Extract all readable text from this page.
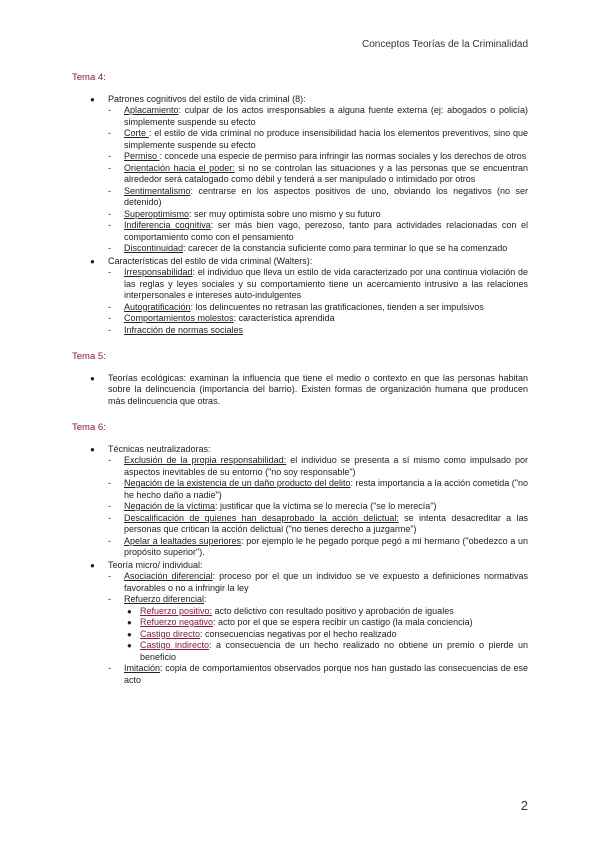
Conceptos Teorías de la Criminalidad
Tema 4:
● Patrones cognitivos del estilo de vida criminal (8):
- Aplacamiento: culpar de los actos irresponsables a alguna fuente externa (ej: abogados o policía) simplemente suspende su efecto
- Corte : el estilo de vida criminal no produce insensibilidad hacia los elementos preventivos, sino que simplemente suspende su efecto
- Permiso : concede una especie de permiso para infringir las normas sociales y los derechos de otros
- Orientación hacia el poder: si no se controlan las situaciones y a las personas que se encuentran alrededor será catalogado como débil y tenderá a ser manipulado o intimidado por otros
- Sentimentalismo: centrarse en los aspectos positivos de uno, obviando los negativos (no ser detenido)
- Superoptimismo: ser muy optimista sobre uno mismo y su futuro
- Indiferencia cognitiva: ser más bien vago, perezoso, tanto para actividades relacionadas con el comportamiento como con el pensamiento
- Discontinuidad: carecer de la constancia suficiente como para terminar lo que se ha comenzado
● Características del estilo de vida criminal (Walters):
- Irresponsabilidad: el individuo que lleva un estilo de vida caracterizado por una continua violación de las reglas y leyes sociales y su comportamiento tiene un acercamiento intrusivo a las relaciones interpersonales e intereses auto-indulgentes
- Autogratificación: los delincuentes no retrasan las gratificaciones, tienden a ser impulsivos
- Comportamientos molestos: característica aprendida
- Infracción de normas sociales
Tema 5:
● Teorías ecológicas: examinan la influencia que tiene el medio o contexto en que las personas habitan sobre la delincuencia (importancia del barrio). Existen formas de organización humana que producen más delincuencia que otras.
Tema 6:
● Técnicas neutralizadoras:
- Exclusión de la propia responsabilidad: el individuo se presenta a sí mismo como impulsado por aspectos inevitables de su entorno ("no soy responsable")
- Negación de la existencia de un daño producto del delito: resta importancia a la acción cometida ("no he hecho daño a nadie")
- Negación de la víctima: justificar que la víctima se lo merecía ("se lo merecía")
- Descalificación de quienes han desaprobado la acción delictual: se intenta desacreditar a las personas que critican la acción delictual ("no tienes derecho a juzgarme")
- Apelar a lealtades superiores: por ejemplo le he pegado porque pegó a mi hermano ("obedezco a un propósito superior").
● Teoría micro/ individual:
- Asociación diferencial: proceso por el que un individuo se ve expuesto a definiciones normativas favorables o no a infringir la ley
- Refuerzo diferencial:
● Refuerzo positivo: acto delictivo con resultado positivo y aprobación de iguales
● Refuerzo negativo: acto por el que se espera recibir un castigo (la mala conciencia)
● Castigo directo: consecuencias negativas por el hecho realizado
● Castigo indirecto: a consecuencia de un hecho realizado no obtiene un premio o pierde un beneficio
- Imitación: copia de comportamientos observados porque nos han gustado las consecuencias de ese acto
2
